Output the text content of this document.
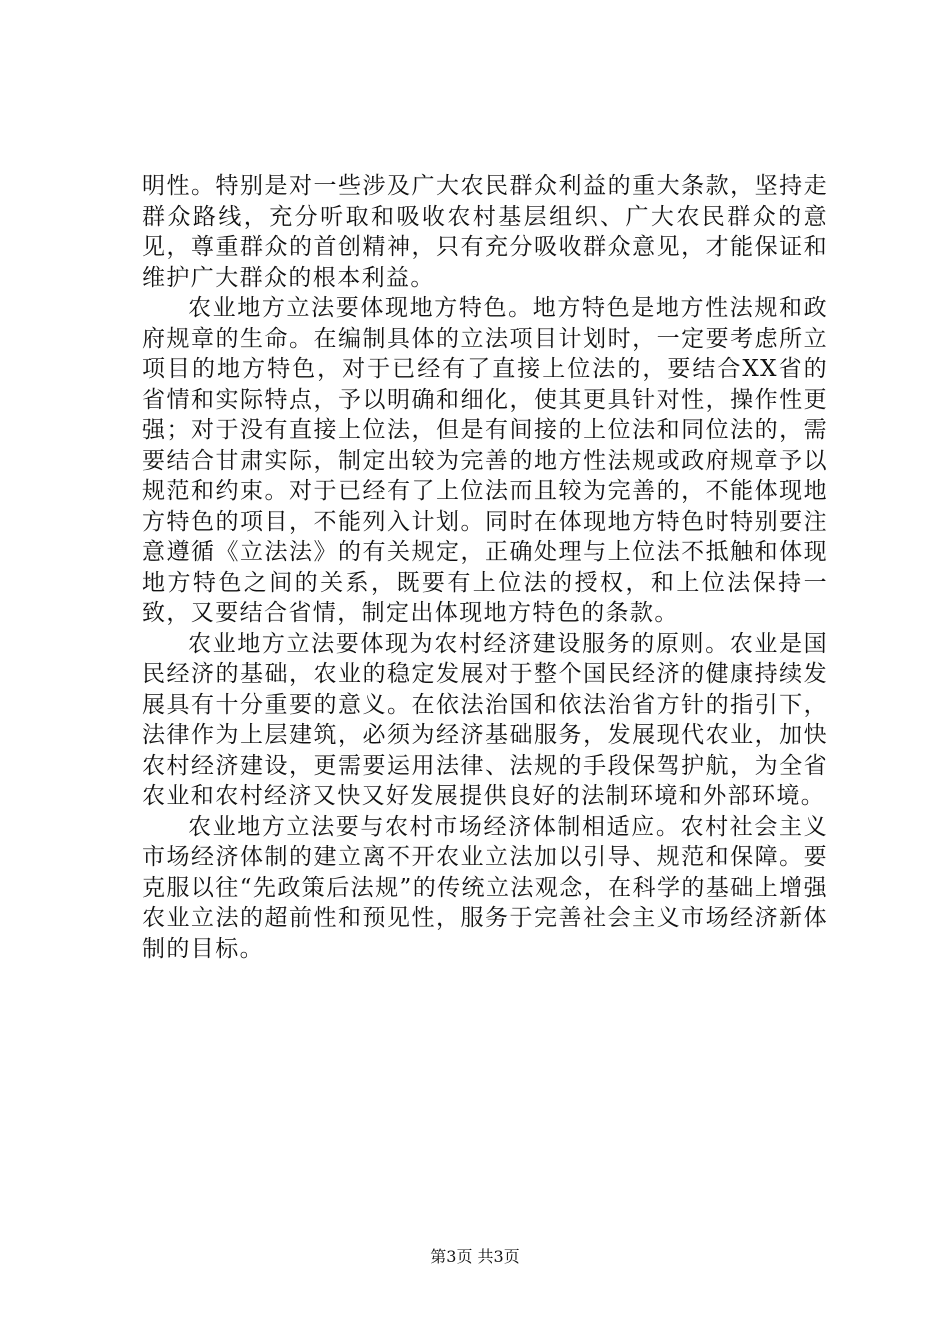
明性。特别是对一些涉及广大农民群众利益的重大条款，坚持走群众路线，充分听取和吸收农村基层组织、广大农民群众的意见，尊重群众的首创精神，只有充分吸收群众意见，才能保证和维护广大群众的根本利益。

农业地方立法要体现地方特色。地方特色是地方性法规和政府规章的生命。在编制具体的立法项目计划时，一定要考虑所立项目的地方特色，对于已经有了直接上位法的，要结合XX省的省情和实际特点，予以明确和细化，使其更具针对性，操作性更强；对于没有直接上位法，但是有间接的上位法和同位法的，需要结合甘肃实际，制定出较为完善的地方性法规或政府规章予以规范和约束。对于已经有了上位法而且较为完善的，不能体现地方特色的项目，不能列入计划。同时在体现地方特色时特别要注意遵循《立法法》的有关规定，正确处理与上位法不抵触和体现地方特色之间的关系，既要有上位法的授权，和上位法保持一致，又要结合省情，制定出体现地方特色的条款。

农业地方立法要体现为农村经济建设服务的原则。农业是国民经济的基础，农业的稳定发展对于整个国民经济的健康持续发展具有十分重要的意义。在依法治国和依法治省方针的指引下，法律作为上层建筑，必须为经济基础服务，发展现代农业，加快农村经济建设，更需要运用法律、法规的手段保驾护航，为全省农业和农村经济又快又好发展提供良好的法制环境和外部环境。

农业地方立法要与农村市场经济体制相适应。农村社会主义市场经济体制的建立离不开农业立法加以引导、规范和保障。要克服以往“先政策后法规”的传统立法观念，在科学的基础上增强农业立法的超前性和预见性，服务于完善社会主义市场经济新体制的目标。

第3页 共3页
